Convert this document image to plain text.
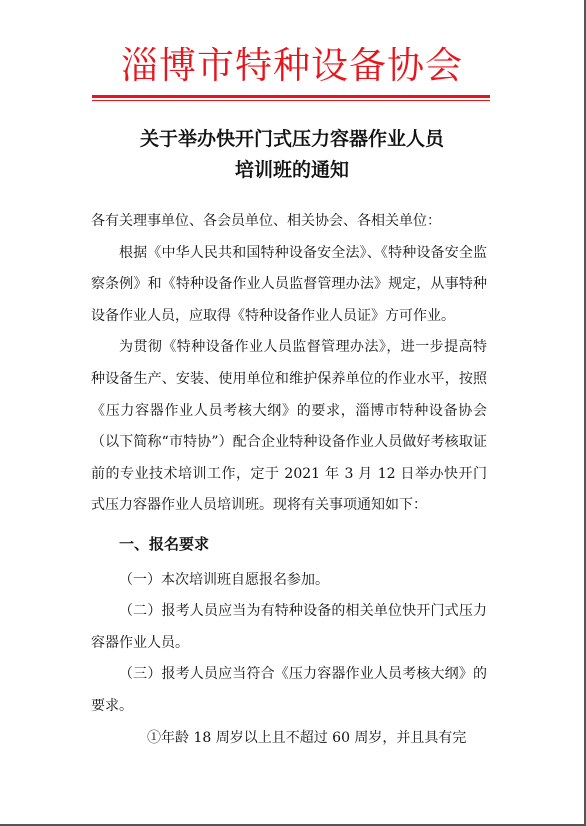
淄博市特种设备协会
关于举办快开门式压力容器作业人员
培训班的通知

各有关理事单位、各会员单位、相关协会、各相关单位：

根据《中华人民共和国特种设备安全法》、《特种设备安全监察条例》和《特种设备作业人员监督管理办法》规定，从事特种设备作业人员，应取得《特种设备作业人员证》方可作业。

为贯彻《特种设备作业人员监督管理办法》，进一步提高特种设备生产、安装、使用单位和维护保养单位的作业水平，按照《压力容器作业人员考核大纲》的要求，淄博市特种设备协会（以下简称“市特协”）配合企业特种设备作业人员做好考核取证前的专业技术培训工作，定于 2021 年 3 月 12 日举办快开门式压力容器作业人员培训班。现将有关事项通知如下：

一、报名要求

（一）本次培训班自愿报名参加。

（二）报考人员应当为有特种设备的相关单位快开门式压力容器作业人员。

（三）报考人员应当符合《压力容器作业人员考核大纲》的要求。

①年龄 18 周岁以上且不超过 60 周岁，并且具有完
